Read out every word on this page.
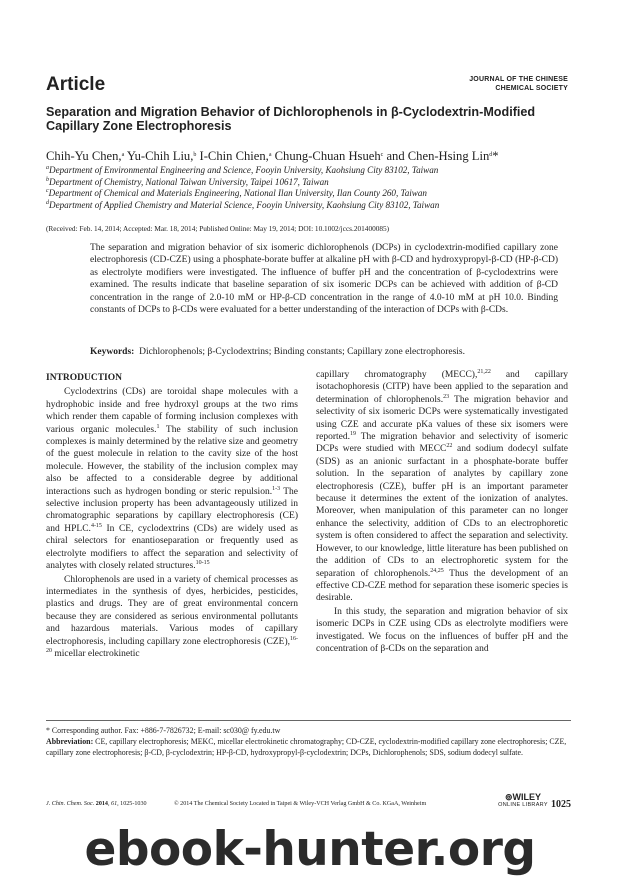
Article	JOURNAL OF THE CHINESE
CHEMICAL SOCIETY
Separation and Migration Behavior of Dichlorophenols in β-Cyclodextrin-Modified
Capillary Zone Electrophoresis
Chih-Yu Chen,$^a$ Yu-Chih Liu,$^b$ I-Chin Chien,$^a$ Chung-Chuan Hsueh$^c$ and Chen-Hsing Lin$^d$*
$^a$Department of Environmental Engineering and Science, Fooyin University, Kaohsiung City 83102, Taiwan
$^b$Department of Chemistry, National Taiwan University, Taipei 10617, Taiwan
$^c$Department of Chemical and Materials Engineering, National Ilan University, Ilan County 260, Taiwan
$^d$Department of Applied Chemistry and Material Science, Fooyin University, Kaohsiung City 83102, Taiwan
(Received: Feb. 14, 2014; Accepted: Mar. 18, 2014; Published Online: May 19, 2014; DOI: 10.1002/jccs.201400085)
The separation and migration behavior of six isomeric dichlorophenols (DCPs) in cyclodextrin-modified capillary zone electrophoresis (CD-CZE) using a phosphate-borate buffer at alkaline pH with β-CD and hydroxypropyl-β-CD (HP-β-CD) as electrolyte modifiers were investigated. The influence of buffer pH and the concentration of β-cyclodextrins were examined. The results indicate that baseline separation of six isomeric DCPs can be achieved with addition of β-CD concentration in the range of 2.0-10 mM or HP-β-CD concentration in the range of 4.0-10 mM at pH 10.0. Binding constants of DCPs to β-CDs were evaluated for a better understanding of the interaction of DCPs with β-CDs.
Keywords: Dichlorophenols; β-Cyclodextrins; Binding constants; Capillary zone electrophoresis.
INTRODUCTION

Cyclodextrins (CDs) are toroidal shape molecules with a hydrophobic inside and free hydroxyl groups at the two rims which render them capable of forming inclusion complexes with various organic molecules.$^1$ The stability of such inclusion complexes is mainly determined by the relative size and geometry of the guest molecule in relation to the cavity size of the host molecule. However, the stability of the inclusion complex may also be affected to a considerable degree by additional interactions such as hydrogen bonding or steric repulsion.$^{1-3}$ The selective inclusion property has been advantageously utilized in chromatographic separations by capillary electrophoresis (CE) and HPLC.$^{4-15}$ In CE, cyclodextrins (CDs) are widely used as chiral selectors for enantioseparation or frequently used as electrolyte modifiers to affect the separation and selectivity of analytes with closely related structures.$^{10-15}$

Chlorophenols are used in a variety of chemical processes as intermediates in the synthesis of dyes, herbicides, pesticides, plastics and drugs. They are of great environmental concern because they are considered as serious environmental pollutants and hazardous materials. Various modes of capillary electrophoresis, including capillary zone electrophoresis (CZE),$^{16-20}$ micellar electrokinetic

capillary chromatography (MECC),$^{21,22}$ and capillary isotachophoresis (CITP) have been applied to the separation and determination of chlorophenols.$^{23}$ The migration behavior and selectivity of six isomeric DCPs were systematically investigated using CZE and accurate pKa values of these six isomers were reported.$^{19}$ The migration behavior and selectivity of isomeric DCPs were studied with MECC$^{22}$ and sodium dodecyl sulfate (SDS) as an anionic surfactant in a phosphate-borate buffer solution. In the separation of analytes by capillary zone electrophoresis (CZE), buffer pH is an important parameter because it determines the extent of the ionization of analytes. Moreover, when manipulation of this parameter can no longer enhance the selectivity, addition of CDs to an electrophoretic system is often considered to affect the separation and selectivity. However, to our knowledge, little literature has been published on the addition of CDs to an electrophoretic system for the separation of chlorophenols.$^{24,25}$ Thus the development of an effective CD-CZE method for separation these isomeric species is desirable.

In this study, the separation and migration behavior of six isomeric DCPs in CZE using CDs as electrolyte modifiers were investigated. We focus on the influences of buffer pH and the concentration of β-CDs on the separation and

* Corresponding author. Fax: +886-7-7826732; E-mail: sc030@ fy.edu.tw

Abbreviation: CE, capillary electrophoresis; MEKC, micellar electrokinetic chromatography; CD-CZE, cyclodextrin-modified capillary zone electrophoresis; CZE, capillary zone electrophoresis; β-CD, β-cyclodextrin; HP-β-CD, hydroxypropyl-β-cyclodextrin; DCPs, Dichlorophenols; SDS, sodium dodecyl sulfate.

J. Chin. Chem. Soc. 2014, 61, 1025-1030	© 2014 The Chemical Society Located in Taipei & Wiley-VCH Verlag GmbH & Co. KGaA, Weinheim
⊚WILEY
ONLINE LIBRARY 1025
ebook-hunter.org
